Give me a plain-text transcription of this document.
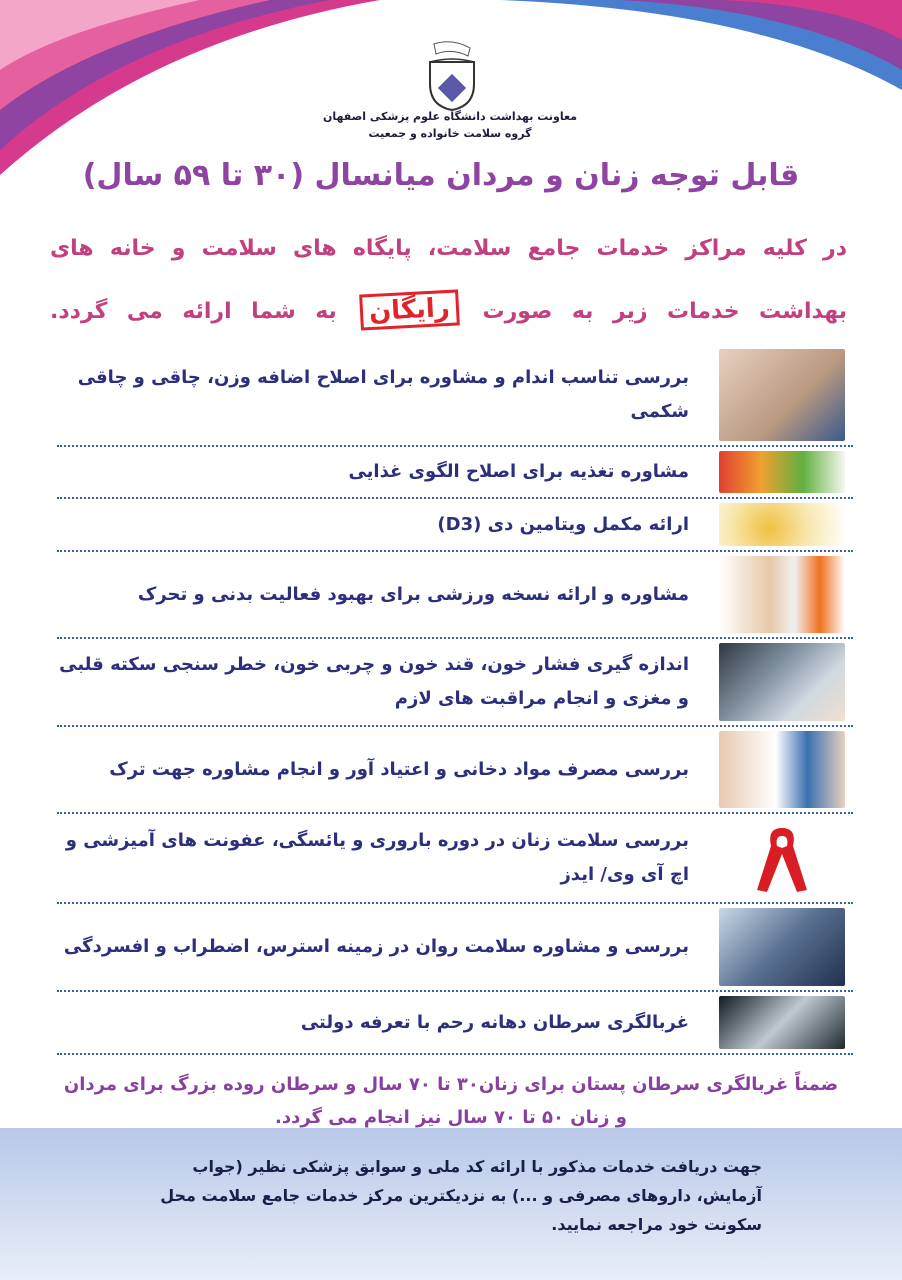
معاونت بهداشت دانشگاه علوم پزشکی اصفهان
گروه سلامت خانواده و جمعیت
قابل توجه زنان و مردان میانسال (۳۰ تا ۵۹ سال)
در کلیه مراکز خدمات جامع سلامت، پایگاه های سلامت و خانه های
بهداشت خدمات زیر به صورت رایگان به شما ارائه می گردد.
بررسی تناسب اندام و مشاوره برای اصلاح اضافه وزن، چاقی و چاقی شکمی
مشاوره تغذیه برای اصلاح الگوی غذایی
ارائه مکمل ویتامین دی (D3)
مشاوره و ارائه نسخه ورزشی برای بهبود فعالیت بدنی و تحرک
اندازه گیری فشار خون، قند خون و چربی خون، خطر سنجی سکته قلبی و مغزی و انجام مراقبت های لازم
بررسی مصرف مواد دخانی و اعتیاد آور و انجام مشاوره جهت ترک
بررسی سلامت زنان در دوره باروری و یائسگی، عفونت های آمیزشی و اچ آی وی/ ایدز
بررسی و مشاوره سلامت روان در زمینه استرس، اضطراب و افسردگی
غربالگری سرطان دهانه رحم با تعرفه دولتی
ضمناً غربالگری سرطان پستان برای زنان۳۰ تا ۷۰ سال و سرطان روده بزرگ برای مردان و زنان ۵۰ تا ۷۰ سال نیز انجام می گردد.
جهت دریافت خدمات مذکور با ارائه کد ملی و سوابق پزشکی نظیر (جواب آزمایش، داروهای مصرفی و ...) به نزدیکترین مرکز خدمات جامع سلامت محل سکونت خود مراجعه نمایید.
